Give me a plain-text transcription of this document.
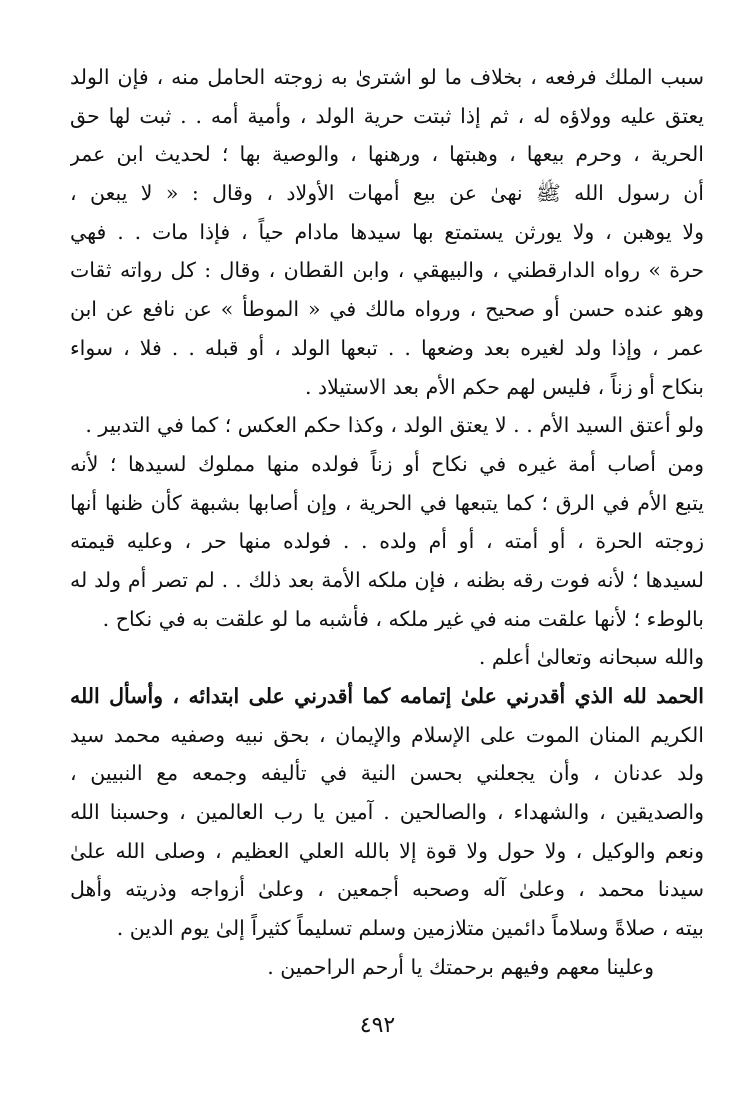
سبب الملك فرفعه ، بخلاف ما لو اشترىٰ به زوجته الحامل منه ، فإن الولد
يعتق عليه وولاؤه له ، ثم إذا ثبتت حرية الولد ، وأمية أمه . . ثبت لها حق
الحرية ، وحرم بيعها ، وهبتها ، ورهنها ، والوصية بها ؛ لحديث ابن عمر
أن رسول الله ﷺ نهىٰ عن بيع أمهات الأولاد ، وقال : « لا يبعن ،
ولا يوهبن ، ولا يورثن يستمتع بها سيدها مادام حياً ، فإذا مات . . فهي
حرة » رواه الدارقطني ، والبيهقي ، وابن القطان ، وقال : كل رواته ثقات
وهو عنده حسن أو صحيح ، ورواه مالك في « الموطأ » عن نافع عن ابن
عمر ، وإذا ولد لغيره بعد وضعها . . تبعها الولد ، أو قبله . . فلا ، سواء
بنكاح أو زناً ، فليس لهم حكم الأم بعد الاستيلاد .
ولو أعتق السيد الأم . . لا يعتق الولد ، وكذا حكم العكس ؛ كما في التدبير .
ومن أصاب أمة غيره في نكاح أو زناً فولده منها مملوك لسيدها ؛ لأنه
يتبع الأم في الرق ؛ كما يتبعها في الحرية ، وإن أصابها بشبهة كأن ظنها أنها
زوجته الحرة ، أو أمته ، أو أم ولده . . فولده منها حر ، وعليه قيمته
لسيدها ؛ لأنه فوت رقه بظنه ، فإن ملكه الأمة بعد ذلك . . لم تصر أم ولد له
بالوطء ؛ لأنها علقت منه في غير ملكه ، فأشبه ما لو علقت به في نكاح .
والله سبحانه وتعالىٰ أعلم .
الحمد لله الذي أقدرني علىٰ إتمامه كما أقدرني على ابتدائه ، وأسأل الله
الكريم المنان الموت على الإسلام والإيمان ، بحق نبيه وصفيه محمد سيد
ولد عدنان ، وأن يجعلني بحسن النية في تأليفه وجمعه مع النبيين ،
والصديقين ، والشهداء ، والصالحين . آمين يا رب العالمين ، وحسبنا الله
ونعم والوكيل ، ولا حول ولا قوة إلا بالله العلي العظيم ، وصلى الله علىٰ
سيدنا محمد ، وعلىٰ آله وصحبه أجمعين ، وعلىٰ أزواجه وذريته وأهل
بيته ، صلاةً وسلاماً دائمين متلازمين وسلم تسليماً كثيراً إلىٰ يوم الدين .
وعلينا معهم وفيهم برحمتك يا أرحم الراحمين .
٤٩٢
